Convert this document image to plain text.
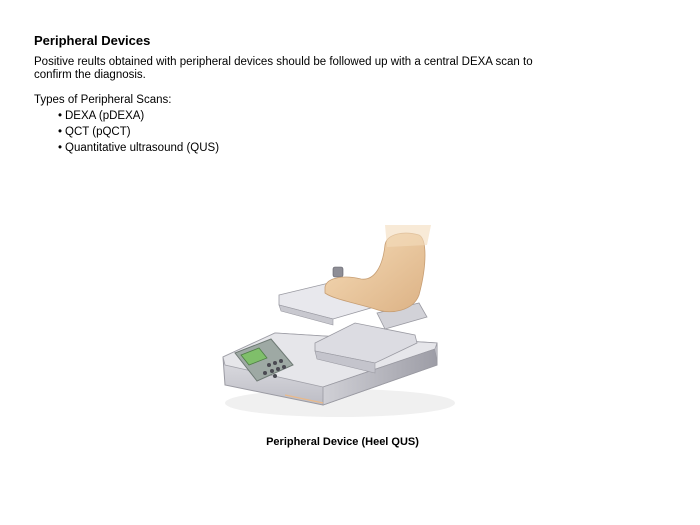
Peripheral Devices

Positive reults obtained with peripheral devices should be followed up with a central DEXA scan to confirm the diagnosis.

Types of Peripheral Scans:

• DEXA (pDEXA)
• QCT (pQCT)
• Quantitative ultrasound (QUS)

Peripheral Device (Heel QUS)
